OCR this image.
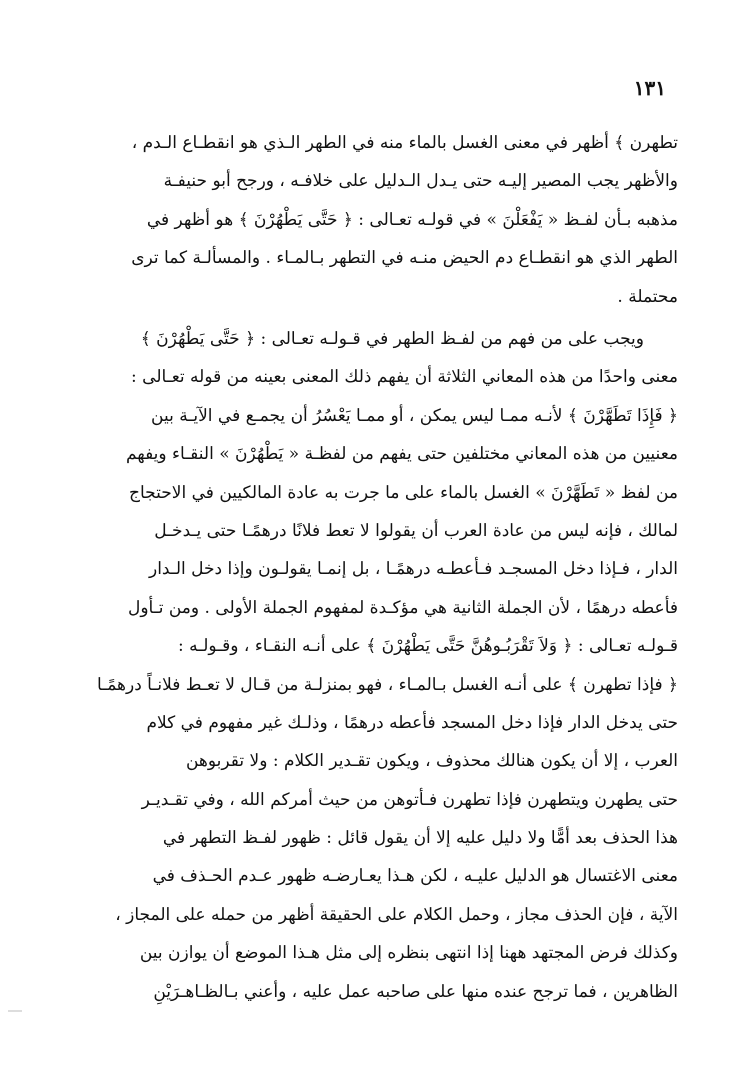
١٣١
تطهرن ﴾ أظهر في معنى الغسل بالماء منه في الطهر الـذي هو انقطـاع الـدم ،
والأظهر يجب المصير إليـه حتى يـدل الـدليل على خلافـه ، ورجح أبو حنيفـة
مذهبه بـأن لفـظ « يَفْعَلْنَ » في قولـه تعـالى : ﴿ حَتَّى يَطْهُرْنَ ﴾ هو أظهر في
الطهر الذي هو انقطـاع دم الحيض منـه في التطهر بـالمـاء . والمسألـة كما ترى
محتملة .
ويجب على من فهم من لفـظ الطهر في قـولـه تعـالى : ﴿ حَتَّى يَطْهُرْنَ ﴾
معنى واحدًا من هذه المعاني الثلاثة أن يفهم ذلك المعنى بعينه من قوله تعـالى :
﴿ فَإِذَا تَطَهَّرْنَ ﴾ لأنـه ممـا ليس يمكن ، أو ممـا يَعْسُرُ أن يجمـع في الآيـة بين
معنيين من هذه المعاني مختلفين حتى يفهم من لفظـة « يَطْهُرْنَ » النقـاء ويفهم
من لفظ « تَطَهَّرْنَ » الغسل بالماء على ما جرت به عادة المالكيين في الاحتجاج
لمالك ، فإنه ليس من عادة العرب أن يقولوا لا تعط فلانًا درهمًـا حتى يـدخـل
الدار ، فـإذا دخل المسجـد فـأعطـه درهمًـا ، بل إنمـا يقولـون وإذا دخل الـدار
فأعطه درهمًا ، لأن الجملة الثانية هي مؤكـدة لمفهوم الجملة الأولى . ومن تـأول
قـولـه تعـالى : ﴿ وَلاَ تَقْرَبُـوهُنَّ حَتَّى يَطْهُرْنَ ﴾ على أنـه النقـاء ، وقـولـه :
﴿ فإذا تطهرن ﴾ على أنـه الغسل بـالمـاء ، فهو بمنزلـة من قـال لا تعـط فلانـاً درهمًـا
حتى يدخل الدار فإذا دخل المسجد فأعطه درهمًا ، وذلـك غير مفهوم في كلام
العرب ، إلا أن يكون هنالك محذوف ، ويكون تقـدير الكلام : ولا تقربوهن
حتى يطهرن ويتطهرن فإذا تطهرن فـأتوهن من حيث أمركم الله ، وفي تقـديـر
هذا الحذف بعد أمًّا ولا دليل عليه إلا أن يقول قائل : ظهور لفـظ التطهر في
معنى الاغتسال هو الدليل عليـه ، لكن هـذا يعـارضـه ظهور عـدم الحـذف في
الآية ، فإن الحذف مجاز ، وحمل الكلام على الحقيقة أظهر من حمله على المجاز ،
وكذلك فرض المجتهد ههنا إذا انتهى بنظره إلى مثل هـذا الموضع أن يوازن بين
الظاهرين ، فما ترجح عنده منها على صاحبه عمل عليه ، وأعني بـالظـاهـرَيْنِ
